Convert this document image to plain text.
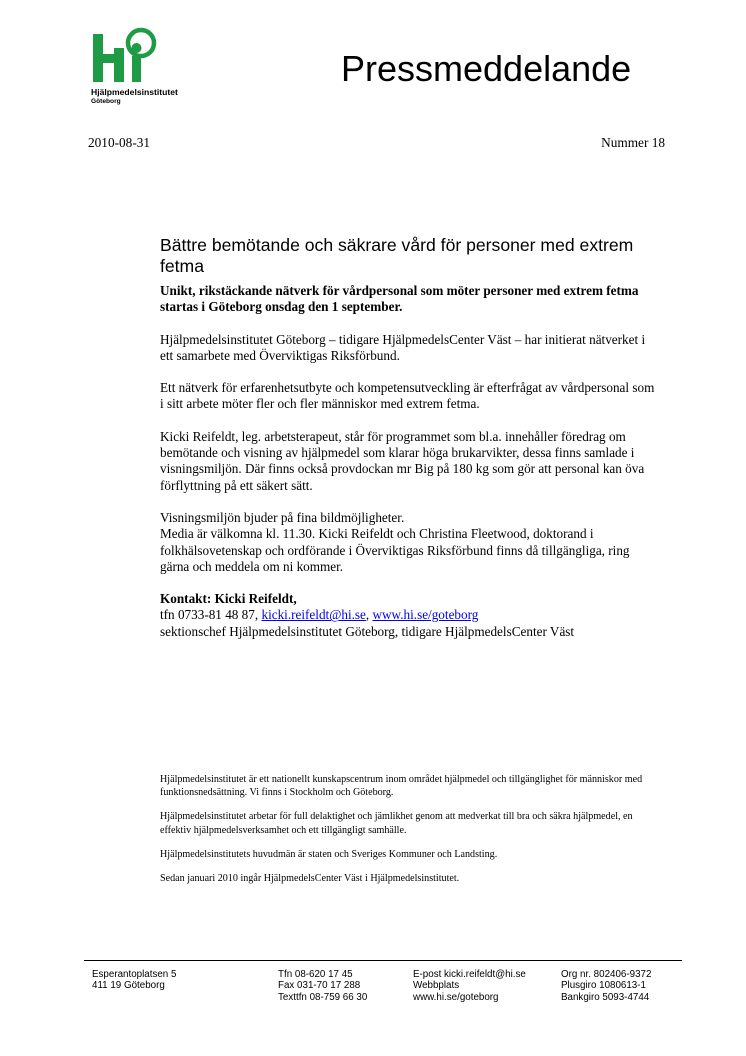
Hjälpmedelsinstitutet
Göteborg
Pressmeddelande
2010-08-31	Nummer 18
Bättre bemötande och säkrare vård för personer med extrem fetma

Unikt, rikstäckande nätverk för vårdpersonal som möter personer med extrem fetma startas i Göteborg onsdag den 1 september.

Hjälpmedelsinstitutet Göteborg – tidigare HjälpmedelsCenter Väst – har initierat nätverket i ett samarbete med Överviktigas Riksförbund.

Ett nätverk för erfarenhetsutbyte och kompetensutveckling är efterfrågat av vårdpersonal som i sitt arbete möter fler och fler människor med extrem fetma.

Kicki Reifeldt, leg. arbetsterapeut, står för programmet som bl.a. innehåller föredrag om bemötande och visning av hjälpmedel som klarar höga brukarvikter, dessa finns samlade i visningsmiljön. Där finns också provdockan mr Big på 180 kg som gör att personal kan öva förflyttning på ett säkert sätt.

Visningsmiljön bjuder på fina bildmöjligheter.
Media är välkomna kl. 11.30. Kicki Reifeldt och Christina Fleetwood, doktorand i folkhälsovetenskap och ordförande i Överviktigas Riksförbund finns då tillgängliga, ring gärna och meddela om ni kommer.

Kontakt: Kicki Reifeldt,
tfn 0733-81 48 87, kicki.reifeldt@hi.se, www.hi.se/goteborg
sektionschef Hjälpmedelsinstitutet Göteborg, tidigare HjälpmedelsCenter Väst

Hjälpmedelsinstitutet är ett nationellt kunskapscentrum inom området hjälpmedel och tillgänglighet för människor med funktionsnedsättning. Vi finns i Stockholm och Göteborg.

Hjälpmedelsinstitutet arbetar för full delaktighet och jämlikhet genom att medverkat till bra och säkra hjälpmedel, en effektiv hjälpmedelsverksamhet och ett tillgängligt samhälle.

Hjälpmedelsinstitutets huvudmän är staten och Sveriges Kommuner och Landsting.

Sedan januari 2010 ingår HjälpmedelsCenter Väst i Hjälpmedelsinstitutet.

Esperantoplatsen 5
411 19 Göteborg
Tfn 08-620 17 45
Fax 031-70 17 288
Texttfn 08-759 66 30
E-post kicki.reifeldt@hi.se
Webbplats
www.hi.se/goteborg
Org nr. 802406-9372
Plusgiro 1080613-1
Bankgiro 5093-4744
